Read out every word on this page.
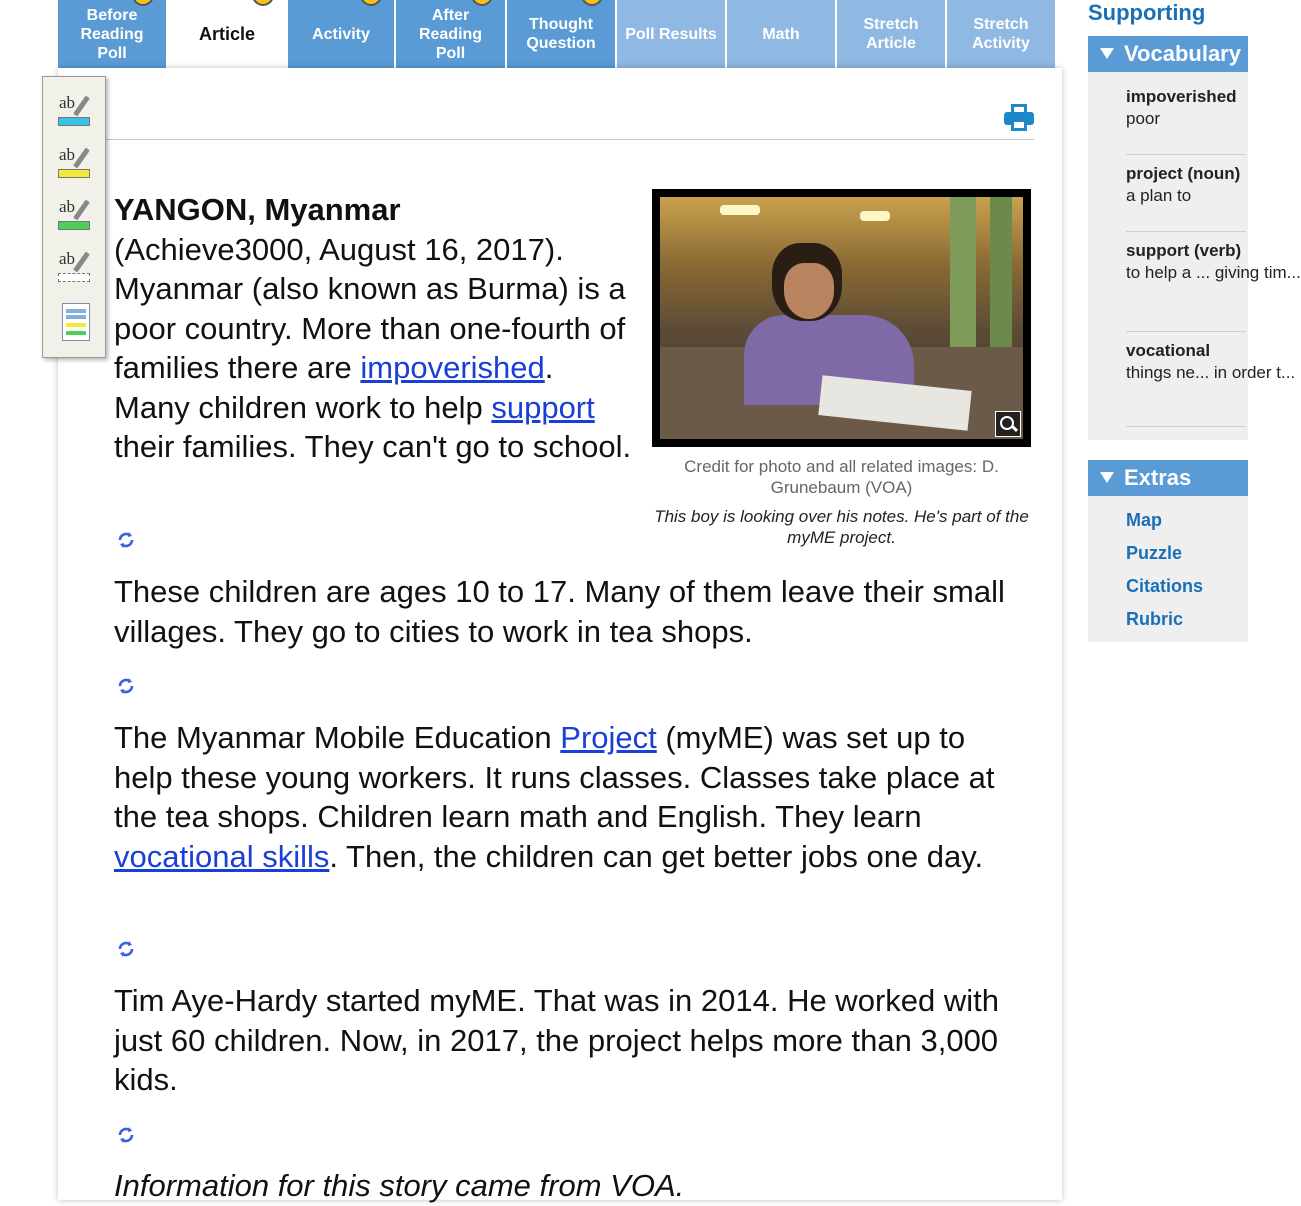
Before
Reading
Poll
Article	Activity
After
Reading
Poll
Thought
Question
Poll Results	Math
Stretch
Article
Stretch
Activity
ab
ab
ab
ab
YANGON, Myanmar
(Achieve3000, August 16, 2017). Myanmar (also known as Burma) is a poor country. More than one-fourth of families there are impoverished. Many children work to help support their families. They can't go to school.
Credit for photo and all related images: D. Grunebaum (VOA)
This boy is looking over his notes. He's part of the myME project.
These children are ages 10 to 17. Many of them leave their small villages. They go to cities to work in tea shops.
The Myanmar Mobile Education Project (myME) was set up to help these young workers. It runs classes. Classes take place at the tea shops. Children learn math and English. They learn vocational skills. Then, the children can get better jobs one day.
Tim Aye-Hardy started myME. That was in 2014. He worked with just 60 children. Now, in 2017, the project helps more than 3,000 kids.
Information for this story came from VOA.
Supporting
Vocabulary
impoverished
poor
project (noun)
a plan to
support (verb)
to help a ... giving tim...
vocational
things ne... in order t...
Extras
Map
Puzzle
Citations
Rubric
